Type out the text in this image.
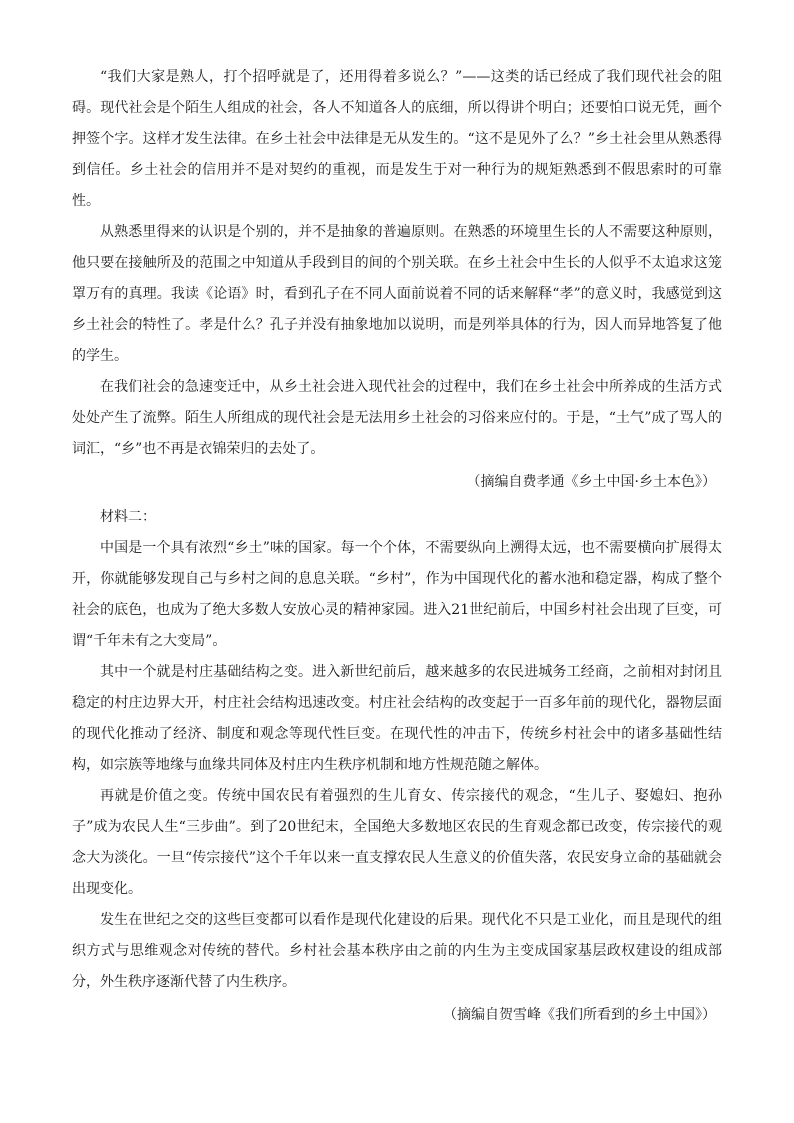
“我们大家是熟人，打个招呼就是了，还用得着多说么？”——这类的话已经成了我们现代社会的阻碍。现代社会是个陌生人组成的社会，各人不知道各人的底细，所以得讲个明白；还要怕口说无凭，画个押签个字。这样才发生法律。在乡土社会中法律是无从发生的。“这不是见外了么？”乡土社会里从熟悉得到信任。乡土社会的信用并不是对契约的重视，而是发生于对一种行为的规矩熟悉到不假思索时的可靠性。

从熟悉里得来的认识是个别的，并不是抽象的普遍原则。在熟悉的环境里生长的人不需要这种原则，他只要在接触所及的范围之中知道从手段到目的间的个别关联。在乡土社会中生长的人似乎不太追求这笼罩万有的真理。我读《论语》时，看到孔子在不同人面前说着不同的话来解释“孝”的意义时，我感觉到这乡土社会的特性了。孝是什么？孔子并没有抽象地加以说明，而是列举具体的行为，因人而异地答复了他的学生。

在我们社会的急速变迁中，从乡土社会进入现代社会的过程中，我们在乡土社会中所养成的生活方式处处产生了流弊。陌生人所组成的现代社会是无法用乡土社会的习俗来应付的。于是，“土气”成了骂人的词汇，“乡”也不再是衣锦荣归的去处了。

（摘编自费孝通《乡土中国·乡土本色》）

材料二：

中国是一个具有浓烈“乡土”味的国家。每一个个体，不需要纵向上溯得太远，也不需要横向扩展得太开，你就能够发现自己与乡村之间的息息关联。“乡村”，作为中国现代化的蓄水池和稳定器，构成了整个社会的底色，也成为了绝大多数人安放心灵的精神家园。进入21世纪前后，中国乡村社会出现了巨变，可谓“千年未有之大变局”。

其中一个就是村庄基础结构之变。进入新世纪前后，越来越多的农民进城务工经商，之前相对封闭且稳定的村庄边界大开，村庄社会结构迅速改变。村庄社会结构的改变起于一百多年前的现代化，器物层面的现代化推动了经济、制度和观念等现代性巨变。在现代性的冲击下，传统乡村社会中的诸多基础性结构，如宗族等地缘与血缘共同体及村庄内生秩序机制和地方性规范随之解体。

再就是价值之变。传统中国农民有着强烈的生儿育女、传宗接代的观念，“生儿子、娶媳妇、抱孙子”成为农民人生“三步曲”。到了20世纪末，全国绝大多数地区农民的生育观念都已改变，传宗接代的观念大为淡化。一旦“传宗接代”这个千年以来一直支撑农民人生意义的价值失落，农民安身立命的基础就会出现变化。

发生在世纪之交的这些巨变都可以看作是现代化建设的后果。现代化不只是工业化，而且是现代的组织方式与思维观念对传统的替代。乡村社会基本秩序由之前的内生为主变成国家基层政权建设的组成部分，外生秩序逐渐代替了内生秩序。

（摘编自贺雪峰《我们所看到的乡土中国》）
